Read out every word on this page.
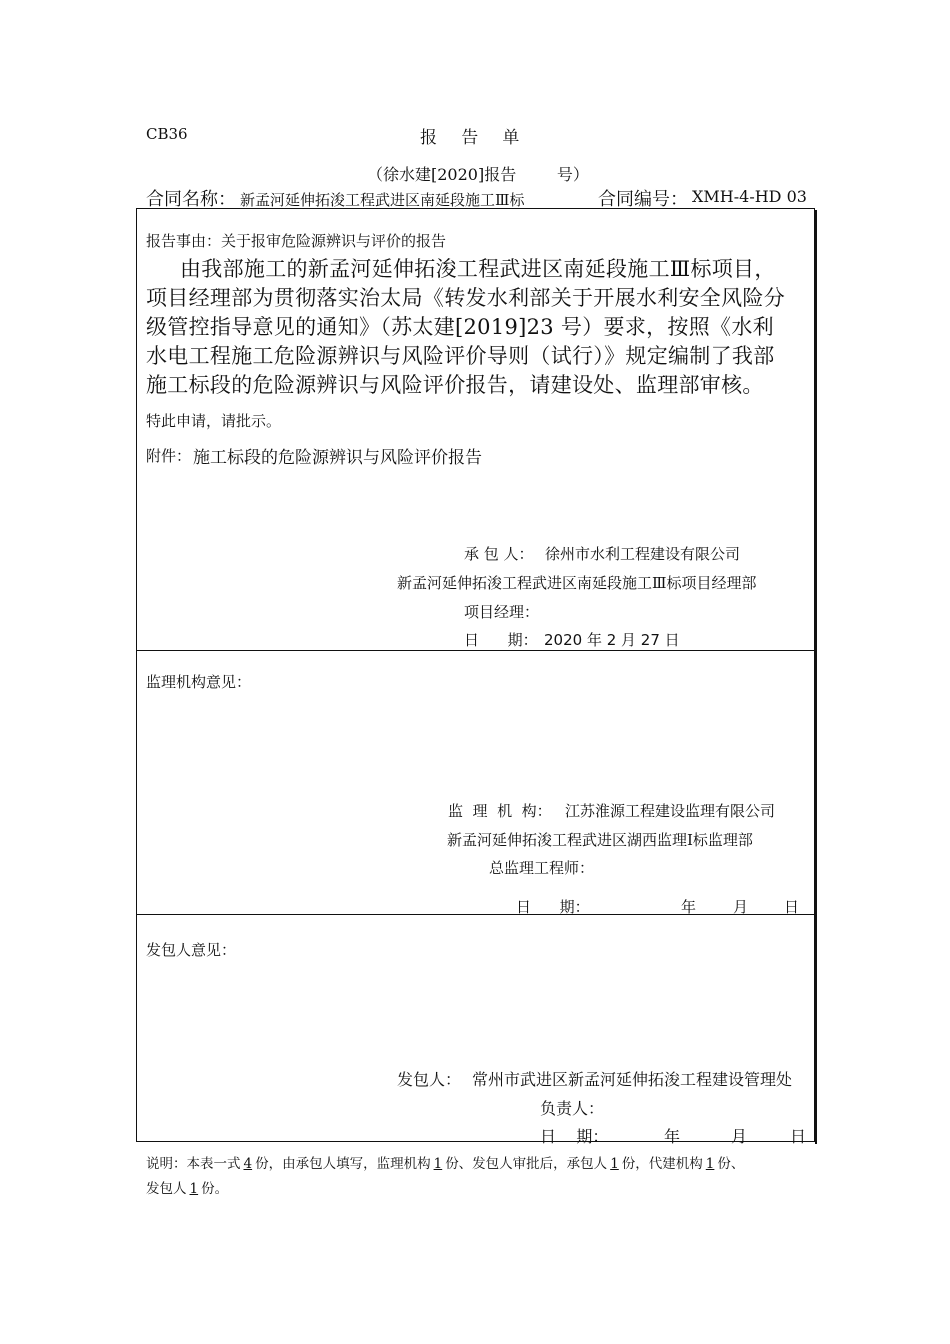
CB36	报   告   单
（徐水建[2020]报告        号）
合同名称： 新孟河延伸拓浚工程武进区南延段施工Ⅲ标	合同编号： XMH-4-HD 03
报告事由：关于报审危险源辨识与评价的报告
由我部施工的新孟河延伸拓浚工程武进区南延段施工Ⅲ标项目，
项目经理部为贯彻落实治太局《转发水利部关于开展水利安全风险分
级管控指导意见的通知》（苏太建[2019]23 号）要求，按照《水利
水电工程施工危险源辨识与风险评价导则（试行）》规定编制了我部
施工标段的危险源辨识与风险评价报告，请建设处、监理部审核。
特此申请，请批示。
附件： 施工标段的危险源辨识与风险评价报告
承 包 人： 徐州市水利工程建设有限公司
新孟河延伸拓浚工程武进区南延段施工Ⅲ标项目经理部
项目经理：
日      期： 2020 年 2 月 27 日
监理机构意见：
监  理  机  构： 江苏淮源工程建设监理有限公司
新孟河延伸拓浚工程武进区湖西监理Ⅰ标监理部
总监理工程师：
日      期：	年 月 日
发包人意见：
发包人： 常州市武进区新孟河延伸拓浚工程建设管理处
负责人：
日    期：	年	月	日
说明：本表一式 4 份，由承包人填写，监理机构 1 份、发包人审批后，承包人 1 份，代建机构 1 份、
发包人 1 份。
